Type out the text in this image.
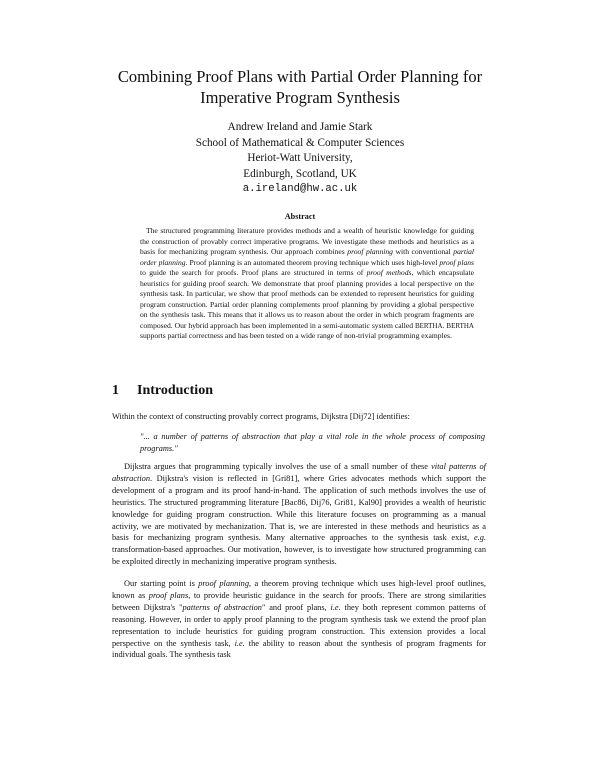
Combining Proof Plans with Partial Order Planning for
Imperative Program Synthesis
Andrew Ireland and Jamie Stark
School of Mathematical & Computer Sciences
Heriot-Watt University,
Edinburgh, Scotland, UK
a.ireland@hw.ac.uk
Abstract
The structured programming literature provides methods and a wealth of heuristic knowledge for guiding the construction of provably correct imperative programs. We investigate these methods and heuristics as a basis for mechanizing program synthesis. Our approach combines proof planning with conventional partial order planning. Proof planning is an automated theorem proving technique which uses high-level proof plans to guide the search for proofs. Proof plans are structured in terms of proof methods, which encapsulate heuristics for guiding proof search. We demonstrate that proof planning provides a local perspective on the synthesis task. In particular, we show that proof methods can be extended to represent heuristics for guiding program construction. Partial order planning complements proof planning by providing a global perspective on the synthesis task. This means that it allows us to reason about the order in which program fragments are composed. Our hybrid approach has been implemented in a semi-automatic system called BERTHA. BERTHA supports partial correctness and has been tested on a wide range of non-trivial programming examples.
1 Introduction
Within the context of constructing provably correct programs, Dijkstra [Dij72] identifies:
"... a number of patterns of abstraction that play a vital role in the whole process of composing programs."
Dijkstra argues that programming typically involves the use of a small number of these vital patterns of abstraction. Dijkstra's vision is reflected in [Gri81], where Gries advocates methods which support the development of a program and its proof hand-in-hand. The application of such methods involves the use of heuristics. The structured programming literature [Bac86, Dij76, Gri81, Kal90] provides a wealth of heuristic knowledge for guiding program construction. While this literature focuses on programming as a manual activity, we are motivated by mechanization. That is, we are interested in these methods and heuristics as a basis for mechanizing program synthesis. Many alternative approaches to the synthesis task exist, e.g. transformation-based approaches. Our motivation, however, is to investigate how structured programming can be exploited directly in mechanizing imperative program synthesis.
Our starting point is proof planning, a theorem proving technique which uses high-level proof outlines, known as proof plans, to provide heuristic guidance in the search for proofs. There are strong similarities between Dijkstra's "patterns of abstraction" and proof plans, i.e. they both represent common patterns of reasoning. However, in order to apply proof planning to the program synthesis task we extend the proof plan representation to include heuristics for guiding program construction. This extension provides a local perspective on the synthesis task, i.e. the ability to reason about the synthesis of program fragments for individual goals. The synthesis task
